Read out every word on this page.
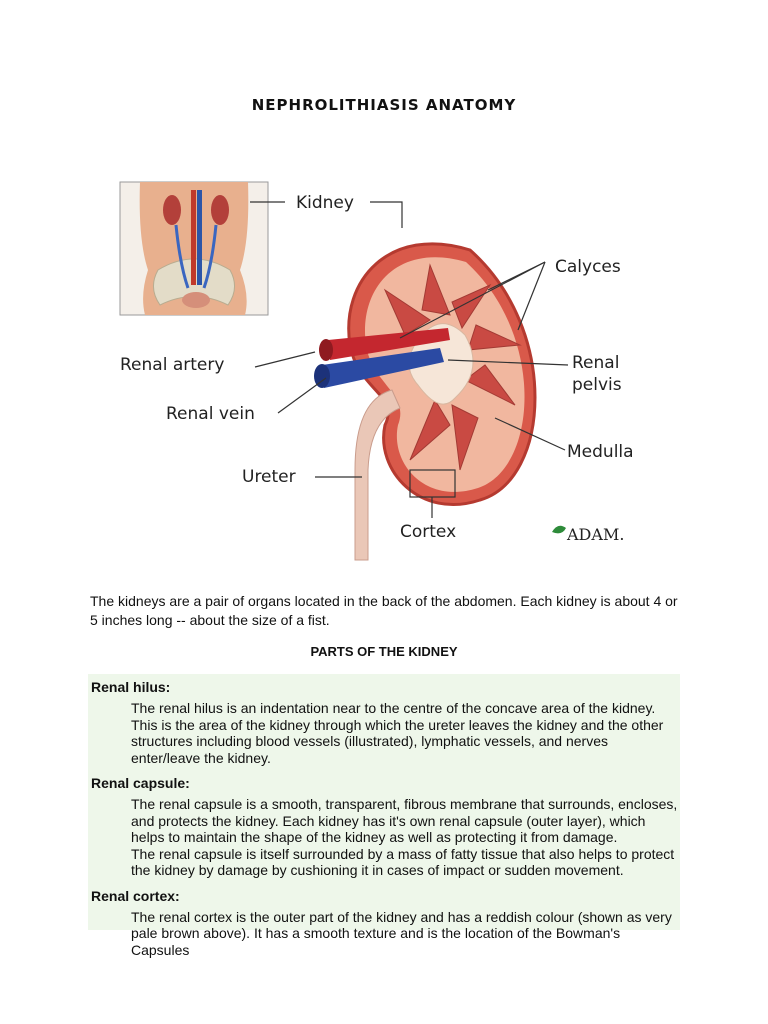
NEPHROLITHIASIS ANATOMY
Kidney
Calyces
Renal artery	Renal
pelvis
Renal vein
Medulla
Ureter
Cortex	ADAM.
The kidneys are a pair of organs located in the back of the abdomen. Each kidney is about 4 or 5 inches long -- about the size of a fist.
PARTS OF THE KIDNEY
Renal hilus:

The renal hilus is an indentation near to the centre of the concave area of the kidney. This is the area of the kidney through which the ureter leaves the kidney and the other structures including blood vessels (illustrated), lymphatic vessels, and nerves enter/leave the kidney.

Renal capsule:

The renal capsule is a smooth, transparent, fibrous membrane that surrounds, encloses, and protects the kidney. Each kidney has it's own renal capsule (outer layer), which helps to maintain the shape of the kidney as well as protecting it from damage.

The renal capsule is itself surrounded by a mass of fatty tissue that also helps to protect the kidney by damage by cushioning it in cases of impact or sudden movement.

Renal cortex:

The renal cortex is the outer part of the kidney and has a reddish colour (shown as very pale brown above). It has a smooth texture and is the location of the Bowman's Capsules
